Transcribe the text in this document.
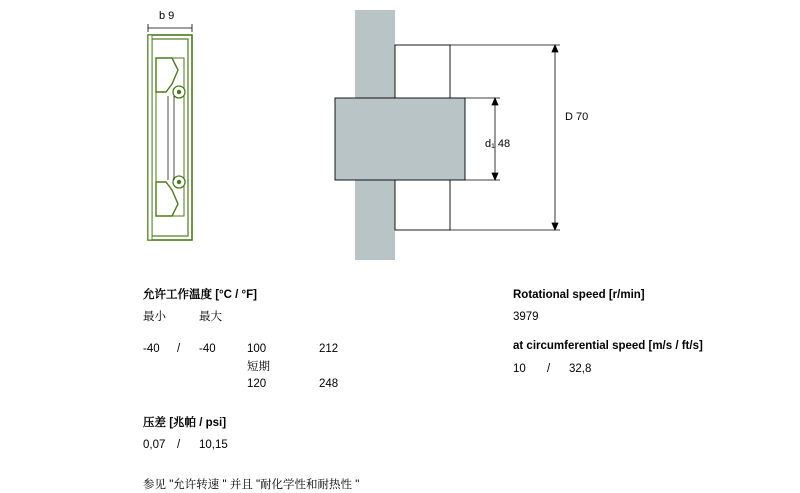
b 9
d₁ 48
D 70
允许工作温度 [°C / °F]
最小		最大		

-40	/	-40	100	212
			短期	
			120	248
压差 [兆帕 / psi]
0,07	/	10,15
参见 "允许转速 " 并且 "耐化学性和耐热性 "
Rotational speed [r/min]
3979
at circumferential speed [m/s / ft/s]
10	/	32,8
